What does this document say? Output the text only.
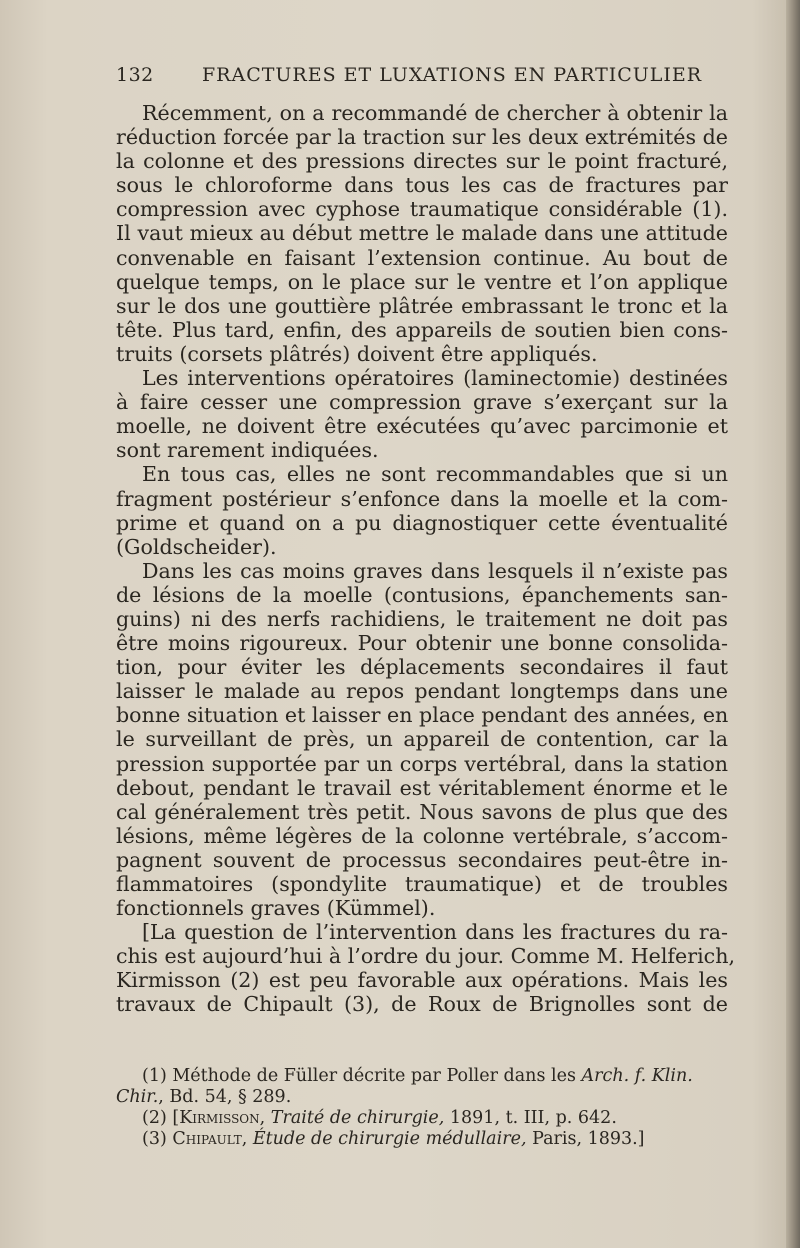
132	FRACTURES ET LUXATIONS EN PARTICULIER
Récemment, on a recommandé de chercher à obtenir la
réduction forcée par la traction sur les deux extrémités de
la colonne et des pressions directes sur le point fracturé,
sous le chloroforme dans tous les cas de fractures par
compression avec cyphose traumatique considérable (1).
Il vaut mieux au début mettre le malade dans une attitude
convenable en faisant l’extension continue. Au bout de
quelque temps, on le place sur le ventre et l’on applique
sur le dos une gouttière plâtrée embrassant le tronc et la
tête. Plus tard, enfin, des appareils de soutien bien cons-
truits (corsets plâtrés) doivent être appliqués.
Les interventions opératoires (laminectomie) destinées
à faire cesser une compression grave s’exerçant sur la
moelle, ne doivent être exécutées qu’avec parcimonie et
sont rarement indiquées.
En tous cas, elles ne sont recommandables que si un
fragment postérieur s’enfonce dans la moelle et la com-
prime et quand on a pu diagnostiquer cette éventualité
(Goldscheider).
Dans les cas moins graves dans lesquels il n’existe pas
de lésions de la moelle (contusions, épanchements san-
guins) ni des nerfs rachidiens, le traitement ne doit pas
être moins rigoureux. Pour obtenir une bonne consolida-
tion, pour éviter les déplacements secondaires il faut
laisser le malade au repos pendant longtemps dans une
bonne situation et laisser en place pendant des années, en
le surveillant de près, un appareil de contention, car la
pression supportée par un corps vertébral, dans la station
debout, pendant le travail est véritablement énorme et le
cal généralement très petit. Nous savons de plus que des
lésions, même légères de la colonne vertébrale, s’accom-
pagnent souvent de processus secondaires peut-être in-
flammatoires (spondylite traumatique) et de troubles
fonctionnels graves (Kümmel).
[La question de l’intervention dans les fractures du ra-
chis est aujourd’hui à l’ordre du jour. Comme M. Helferich,
Kirmisson (2) est peu favorable aux opérations. Mais les
travaux de Chipault (3), de Roux de Brignolles sont de
(1) Méthode de Füller décrite par Poller dans les Arch. f. Klin.
Chir., Bd. 54, § 289.
(2) [Kirmisson, Traité de chirurgie, 1891, t. III, p. 642.
(3) Chipault, Étude de chirurgie médullaire, Paris, 1893.]
